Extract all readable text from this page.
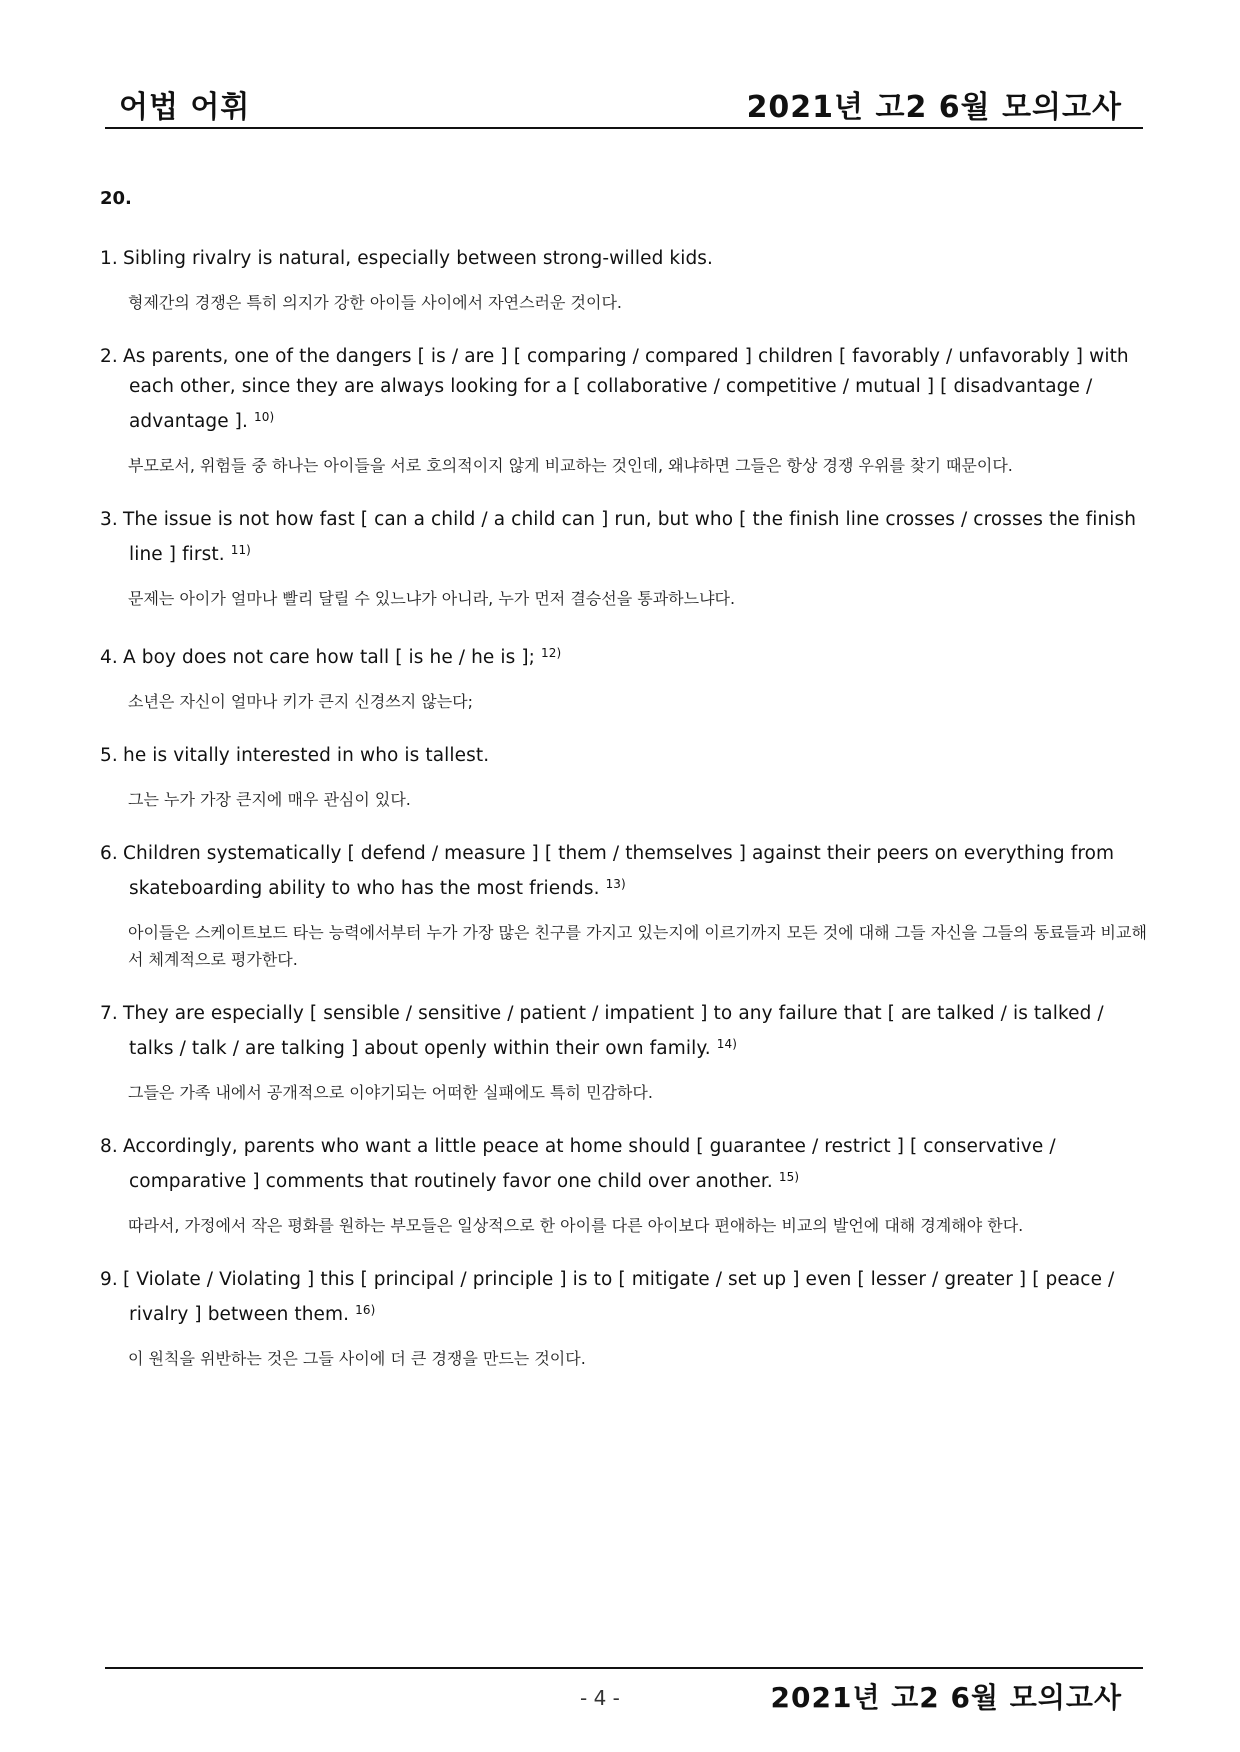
어법 어휘	2021년 고2 6월 모의고사
20.
1. Sibling rivalry is natural, especially between strong-willed kids.
형제간의 경쟁은 특히 의지가 강한 아이들 사이에서 자연스러운 것이다.
2. As parents, one of the dangers [ is / are ] [ comparing / compared ] children [ favorably / unfavorably ] with each other, since they are always looking for a [ collaborative / competitive / mutual ] [ disadvantage / advantage ]. $^{10)}$
부모로서, 위험들 중 하나는 아이들을 서로 호의적이지 않게 비교하는 것인데, 왜냐하면 그들은 항상 경쟁 우위를 찾기 때문이다.
3. The issue is not how fast [ can a child / a child can ] run, but who [ the finish line crosses / crosses the finish line ] first. $^{11)}$
문제는 아이가 얼마나 빨리 달릴 수 있느냐가 아니라, 누가 먼저 결승선을 통과하느냐다.
4. A boy does not care how tall [ is he / he is ]; $^{12)}$
소년은 자신이 얼마나 키가 큰지 신경쓰지 않는다;
5. he is vitally interested in who is tallest.
그는 누가 가장 큰지에 매우 관심이 있다.
6. Children systematically [ defend / measure ] [ them / themselves ] against their peers on everything from skateboarding ability to who has the most friends. $^{13)}$
아이들은 스케이트보드 타는 능력에서부터 누가 가장 많은 친구를 가지고 있는지에 이르기까지 모든 것에 대해 그들 자신을 그들의 동료들과 비교해서 체계적으로 평가한다.
7. They are especially [ sensible / sensitive / patient / impatient ] to any failure that [ are talked / is talked / talks / talk / are talking ] about openly within their own family. $^{14)}$
그들은 가족 내에서 공개적으로 이야기되는 어떠한 실패에도 특히 민감하다.
8. Accordingly, parents who want a little peace at home should [ guarantee / restrict ] [ conservative / comparative ] comments that routinely favor one child over another. $^{15)}$
따라서, 가정에서 작은 평화를 원하는 부모들은 일상적으로 한 아이를 다른 아이보다 편애하는 비교의 발언에 대해 경계해야 한다.
9. [ Violate / Violating ] this [ principal / principle ] is to [ mitigate / set up ] even [ lesser / greater ] [ peace / rivalry ] between them. $^{16)}$
이 원칙을 위반하는 것은 그들 사이에 더 큰 경쟁을 만드는 것이다.
- 4 -	2021년 고2 6월 모의고사
